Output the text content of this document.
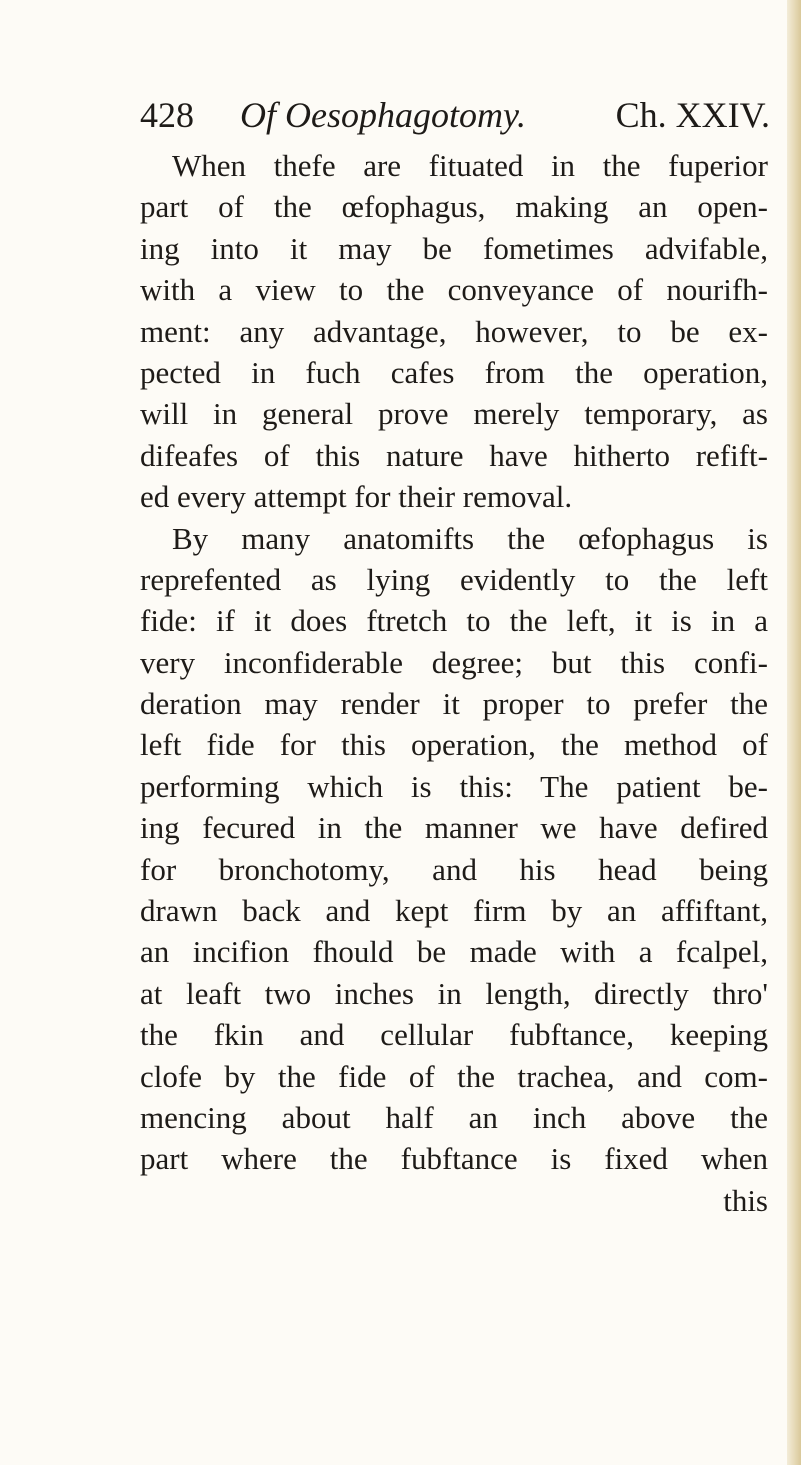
428 Of Oesophagotomy. Ch. XXIV.
When thefe are fituated in the fuperior
part of the œfophagus, making an open-
ing into it may be fometimes advifable,
with a view to the conveyance of nourifh-
ment: any advantage, however, to be ex-
pected in fuch cafes from the operation,
will in general prove merely temporary, as
difeafes of this nature have hitherto refift-
ed every attempt for their removal.
By many anatomifts the œfophagus is
reprefented as lying evidently to the left
fide: if it does ftretch to the left, it is in a
very inconfiderable degree; but this confi-
deration may render it proper to prefer the
left fide for this operation, the method of
performing which is this: The patient be-
ing fecured in the manner we have defired
for bronchotomy, and his head being
drawn back and kept firm by an affiftant,
an incifion fhould be made with a fcalpel,
at leaft two inches in length, directly thro'
the fkin and cellular fubftance, keeping
clofe by the fide of the trachea, and com-
mencing about half an inch above the
part where the fubftance is fixed when
this
